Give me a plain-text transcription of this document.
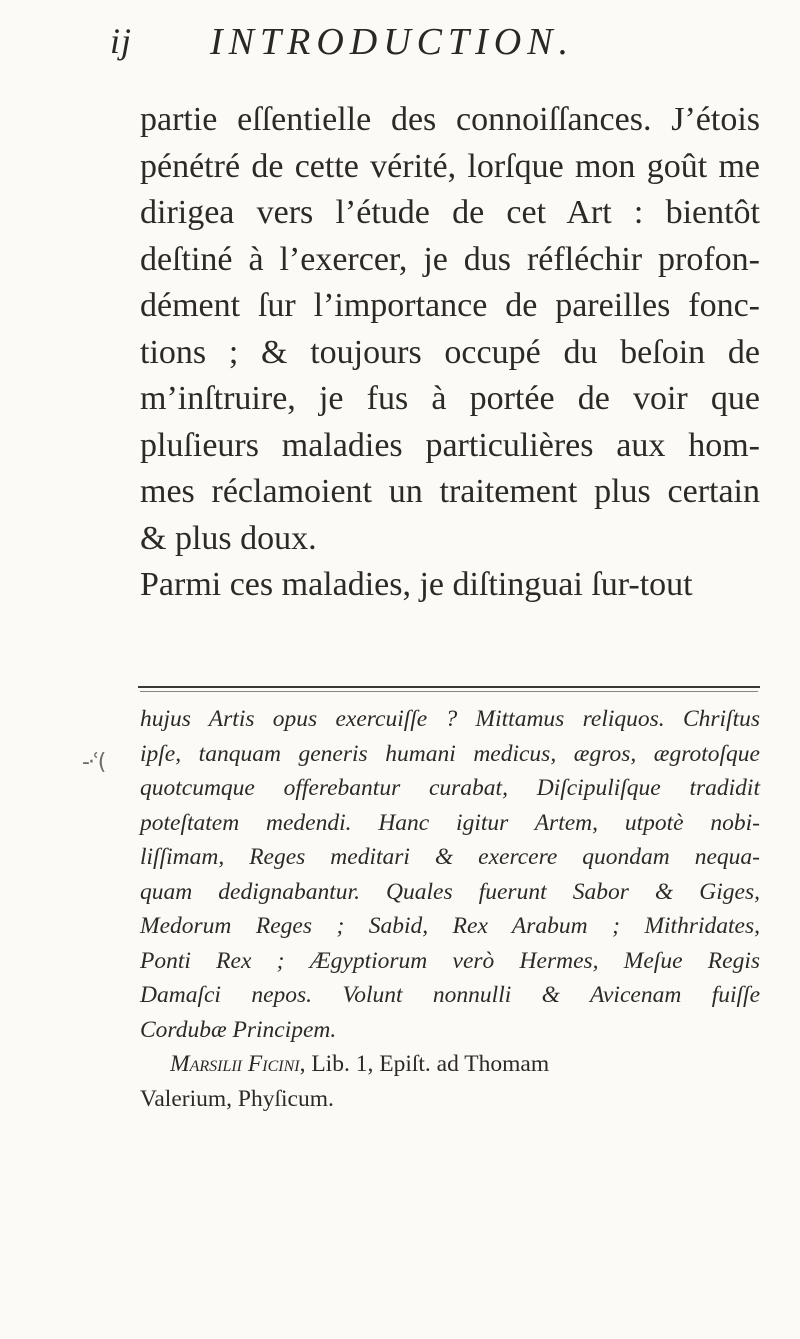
ij INTRODUCTION.
partie eſſentielle des connoiſſances. J’étois
pénétré de cette vérité, lorſque mon goût me
dirigea vers l’étude de cet Art : bientôt
deſtiné à l’exercer, je dus réfléchir profon-
dément ſur l’importance de pareilles fonc-
tions ; & toujours occupé du beſoin de
m’inſtruire, je fus à portée de voir que
pluſieurs maladies particulières aux hom-
mes réclamoient un traitement plus certain
& plus doux.
Parmi ces maladies, je diſtinguai ſur-tout
-·ʿ(
hujus Artis opus exercuiſſe ? Mittamus reliquos. Chriſtus
ipſe, tanquam generis humani medicus, ægros, ægrotoſque
quotcumque offerebantur curabat, Diſcipuliſque tradidit
poteſtatem medendi. Hanc igitur Artem, utpotè nobi-
liſſimam, Reges meditari & exercere quondam nequa-
quam dedignabantur. Quales fuerunt Sabor & Giges,
Medorum Reges ; Sabid, Rex Arabum ; Mithridates,
Ponti Rex ; Ægyptiorum verò Hermes, Meſue Regis
Damaſci nepos. Volunt nonnulli & Avicenam fuiſſe
Cordubæ Principem.
Marsilii Ficini, Lib. 1, Epiſt. ad Thomam
Valerium, Phyſicum.
